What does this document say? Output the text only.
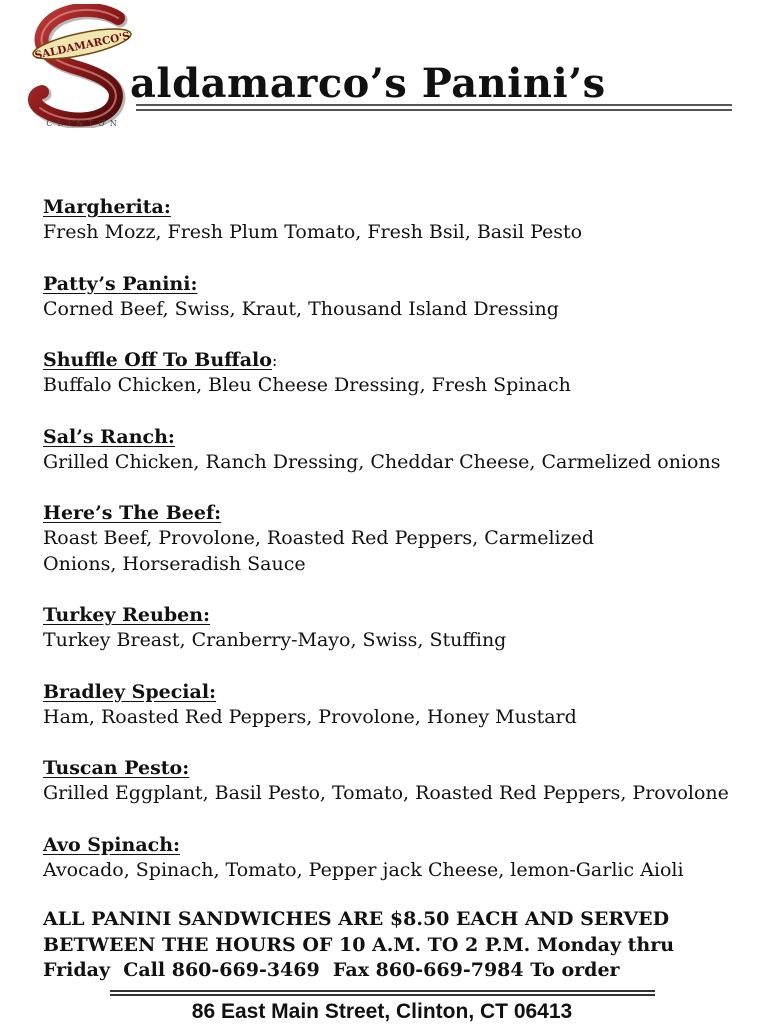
SALDAMARCO'S
CLINTON
aldamarco’s Panini’s
Margherita:
Fresh Mozz, Fresh Plum Tomato, Fresh Bsil, Basil Pesto
Patty’s Panini:
Corned Beef, Swiss, Kraut, Thousand Island Dressing
Shuffle Off To Buffalo:
Buffalo Chicken, Bleu Cheese Dressing, Fresh Spinach
Sal’s Ranch:
Grilled Chicken, Ranch Dressing, Cheddar Cheese, Carmelized onions
Here’s The Beef:
Roast Beef, Provolone, Roasted Red Peppers, Carmelized Onions, Horseradish Sauce
Turkey Reuben:
Turkey Breast, Cranberry-Mayo, Swiss, Stuffing
Bradley Special:
Ham, Roasted Red Peppers, Provolone, Honey Mustard
Tuscan Pesto:
Grilled Eggplant, Basil Pesto, Tomato, Roasted Red Peppers, Provolone
Avo Spinach:
Avocado, Spinach, Tomato, Pepper jack Cheese, lemon-Garlic Aioli
ALL PANINI SANDWICHES ARE $8.50 EACH AND SERVED
BETWEEN THE HOURS OF 10 A.M. TO 2 P.M. Monday thru
Friday  Call 860-669-3469  Fax 860-669-7984 To order
86 East Main Street, Clinton, CT 06413
